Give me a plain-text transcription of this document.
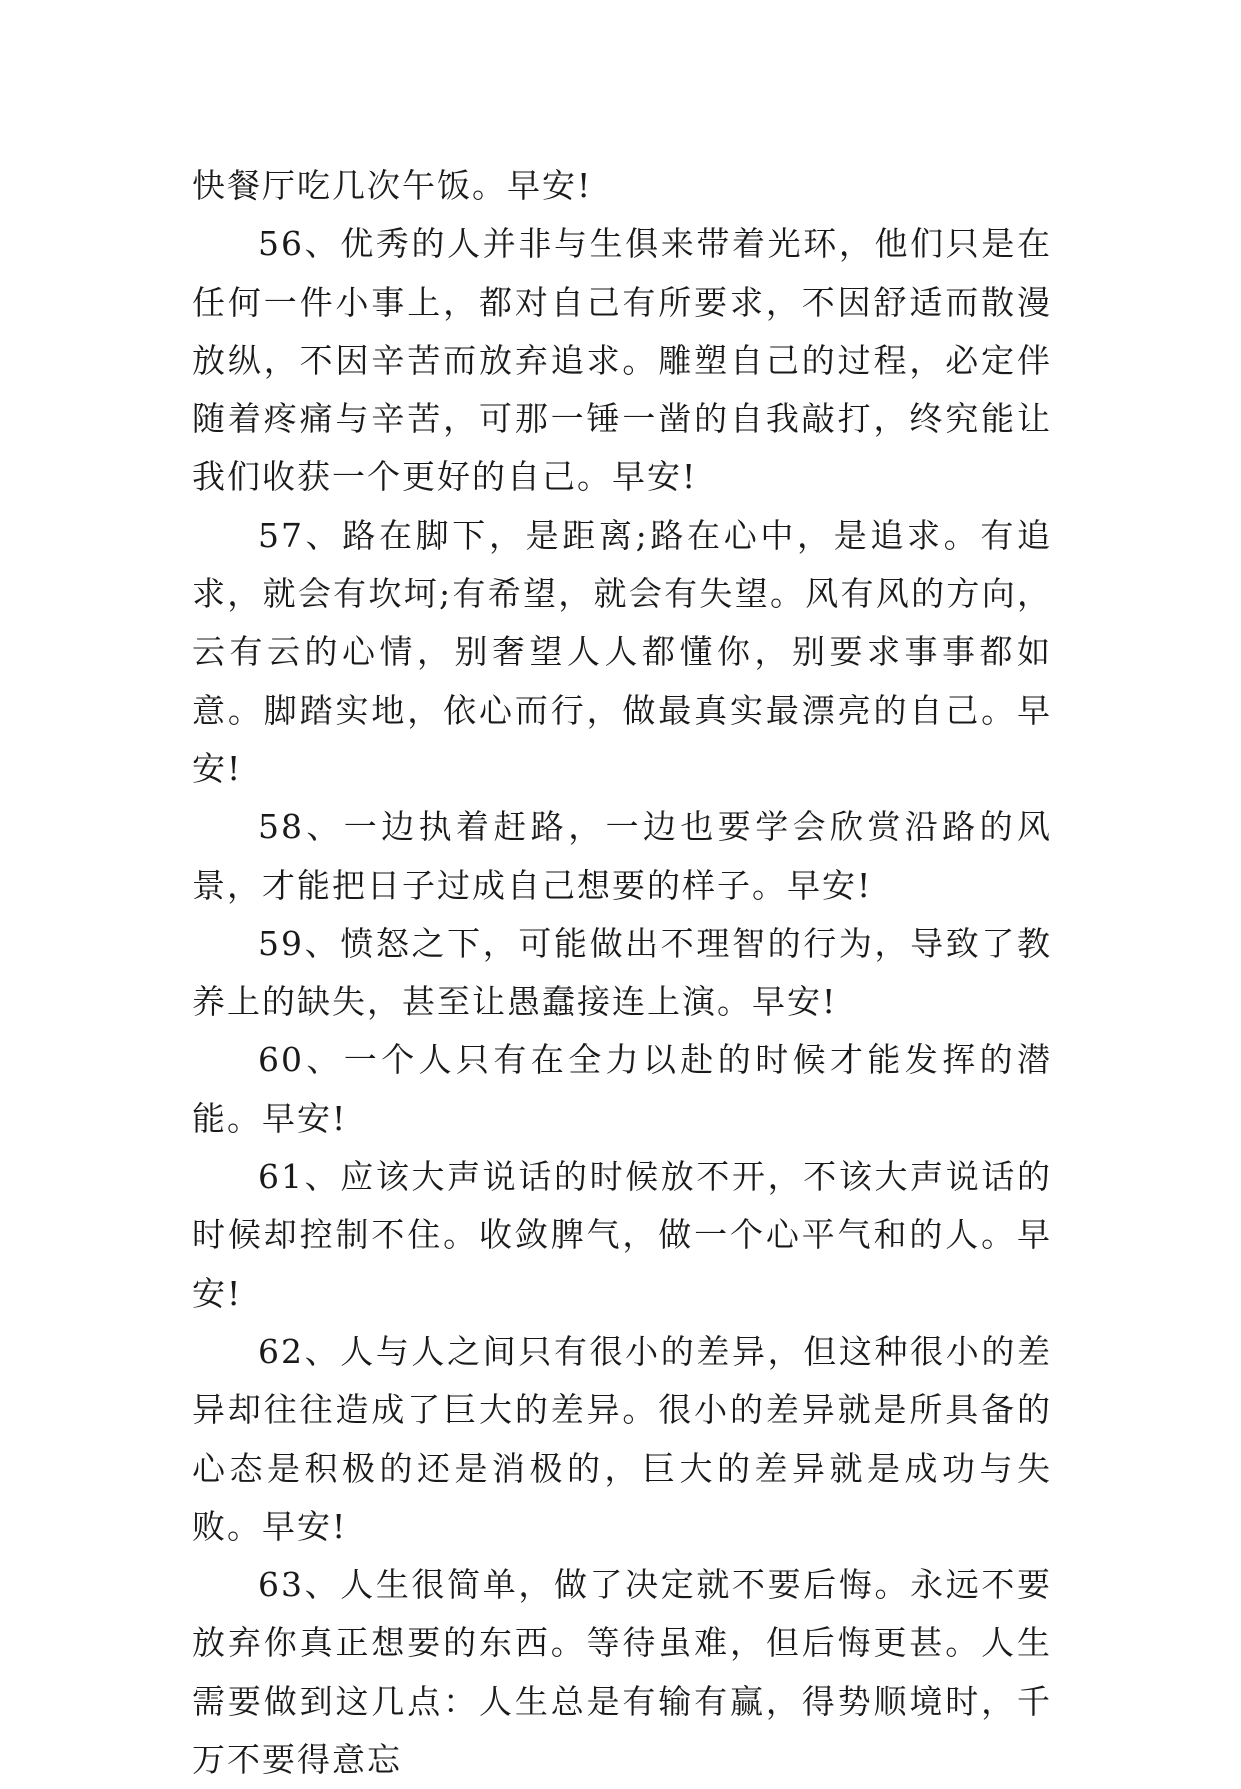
快餐厅吃几次午饭。早安!

56、优秀的人并非与生俱来带着光环，他们只是在任何一件小事上，都对自己有所要求，不因舒适而散漫放纵，不因辛苦而放弃追求。雕塑自己的过程，必定伴随着疼痛与辛苦，可那一锤一凿的自我敲打，终究能让我们收获一个更好的自己。早安!

57、路在脚下，是距离;路在心中，是追求。有追求，就会有坎坷;有希望，就会有失望。风有风的方向，云有云的心情，别奢望人人都懂你，别要求事事都如意。脚踏实地，依心而行，做最真实最漂亮的自己。早安!

58、一边执着赶路，一边也要学会欣赏沿路的风景，才能把日子过成自己想要的样子。早安!

59、愤怒之下，可能做出不理智的行为，导致了教养上的缺失，甚至让愚蠢接连上演。早安!

60、一个人只有在全力以赴的时候才能发挥的潜能。早安!

61、应该大声说话的时候放不开，不该大声说话的时候却控制不住。收敛脾气，做一个心平气和的人。早安!

62、人与人之间只有很小的差异，但这种很小的差异却往往造成了巨大的差异。很小的差异就是所具备的心态是积极的还是消极的，巨大的差异就是成功与失败。早安!

63、人生很简单，做了决定就不要后悔。永远不要放弃你真正想要的东西。等待虽难，但后悔更甚。人生需要做到这几点：人生总是有输有赢，得势顺境时，千万不要得意忘
